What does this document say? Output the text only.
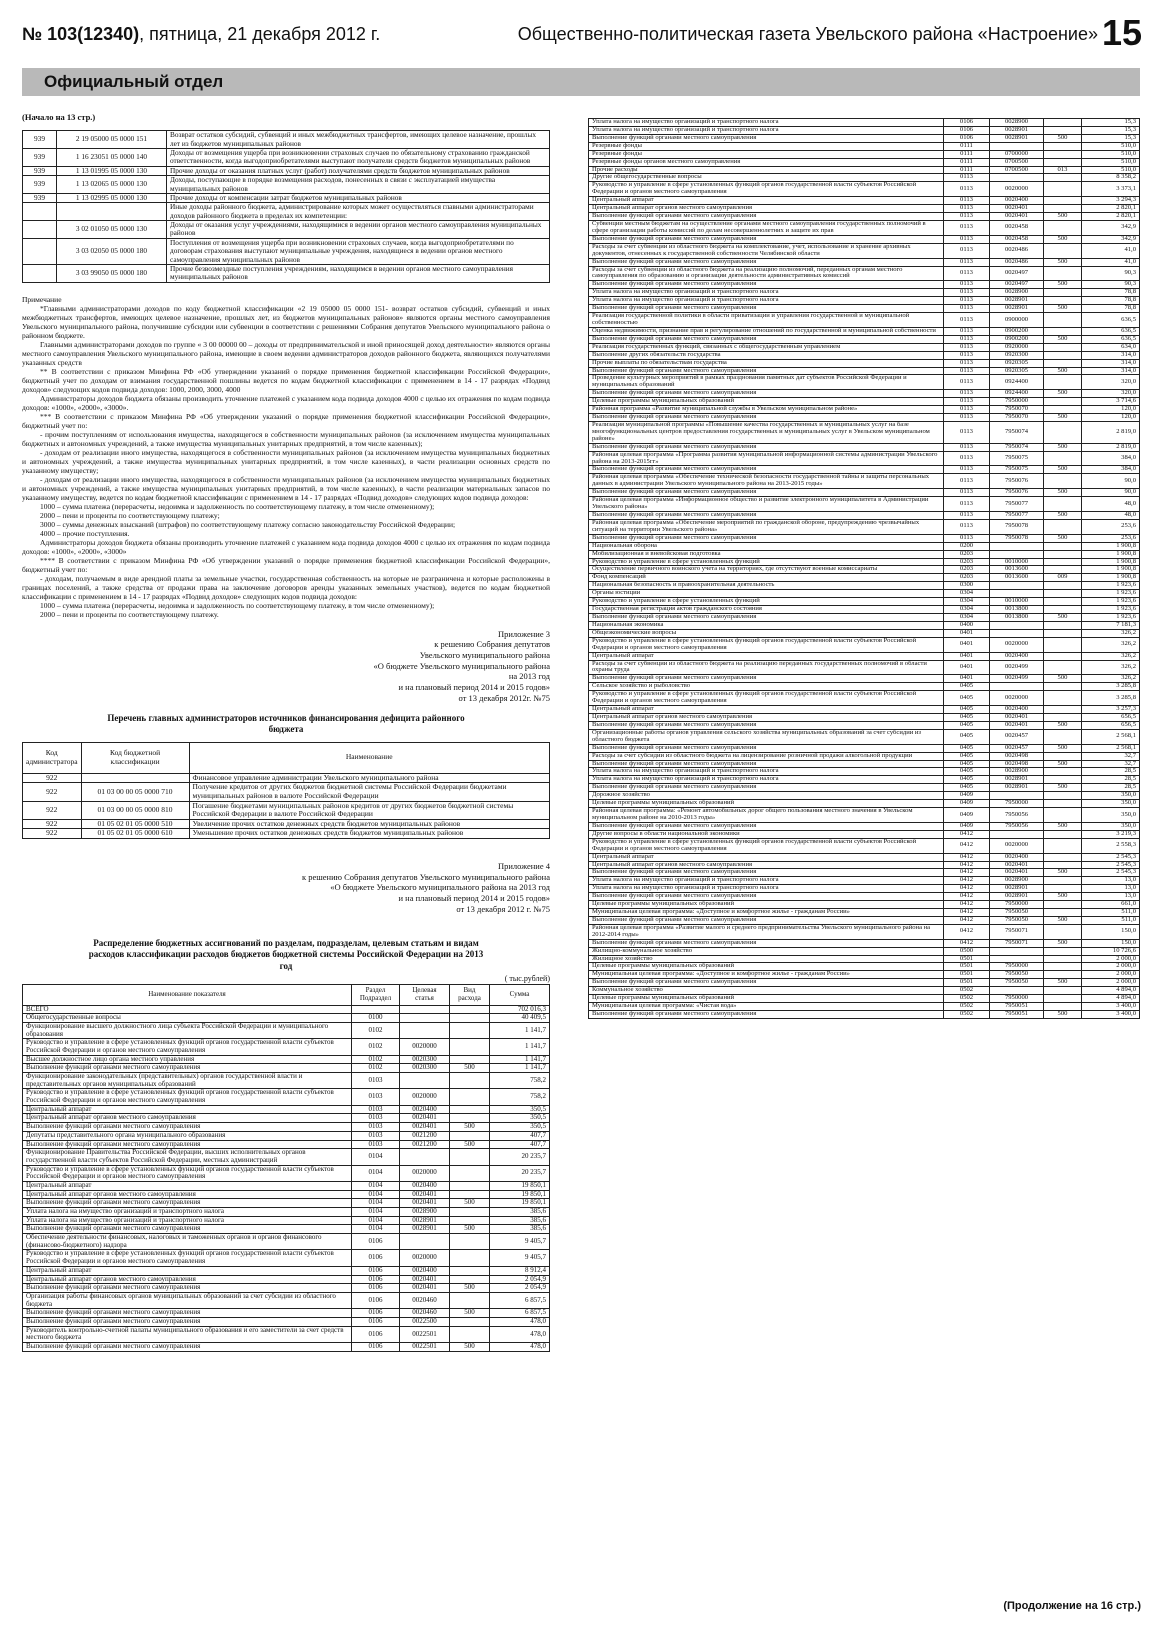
№ 103(12340), пятница, 21 декабря 2012 г.	Общественно-политическая газета Увельского района «Настроение» 15
Официальный отдел
(Начало на 13 стр.)
939	2 19 05000 05 0000 151	Возврат остатков субсидий, субвенций и иных межбюджетных трансфертов, имеющих целевое назначение, прошлых лет из бюджетов муниципальных районов
939	1 16 23051 05 0000 140	Доходы от возмещения ущерба при возникновении страховых случаев по обязательному страхованию гражданской ответственности, когда выгодоприобретателями выступают получатели средств бюджетов муниципальных районов
939	1 13 01995 05 0000 130	Прочие доходы от оказания платных услуг (работ) получателями средств бюджетов муниципальных районов
939	1 13 02065 05 0000 130	Доходы, поступающие в порядке возмещения расходов, понесенных в связи с эксплуатацией имущества муниципальных районов
939	1 13 02995 05 0000 130	Прочие доходы от компенсации затрат бюджетов муниципальных районов
		Иные доходы районного бюджета, администрирование которых может осуществляться главными администраторами доходов районного бюджета в пределах их компетенции:
	3 02 01050 05 0000 130	Доходы от оказания услуг учреждениями, находящимися в ведении органов местного самоуправления муниципальных районов
	3 03 02050 05 0000 180	Поступления от возмещения ущерба при возникновении страховых случаев, когда выгодоприобретателями по договорам страхования выступают муниципальные учреждения, находящиеся в ведении органов местного самоуправления муниципальных районов
	3 03 99050 05 0000 180	Прочие безвозмездные поступления учреждениям, находящимся в ведении органов местного самоуправления муниципальных районов

Примечание

*Главными администраторами доходов по коду бюджетной классификации «2 19 05000 05 0000 151- возврат остатков субсидий, субвенций и иных межбюджетных трансфертов, имеющих целевое назначение, прошлых лет, из бюджетов муниципальных районов» являются органы местного самоуправления Увельского муниципального района, получившие субсидии или субвенции в соответствии с решениями Собрания депутатов Увельского муниципального района о районном бюджете.

Главными администраторами доходов по группе « 3 00 00000 00 – доходы от предпринимательской и иной приносящей доход деятельности» являются органы местного самоуправления Увельского муниципального района, имеющие в своем ведении администраторов доходов районного бюджета, являющихся получателями указанных средств

** В соответствии с приказом Минфина РФ «Об утверждении указаний о порядке применения бюджетной классификации Российской Федерации», бюджетный учет по доходам от взимания государственной пошлины ведется по кодам бюджетной классификации с применением в 14 - 17 разрядах «Подвид доходов» следующих кодов подвида доходов: 1000, 2000, 3000, 4000

Администраторы доходов бюджета обязаны производить уточнение платежей с указанием кода подвида доходов 4000 с целью их отражения по кодам подвида доходов: «1000», «2000», «3000».

*** В соответствии с приказом Минфина РФ «Об утверждении указаний о порядке применения бюджетной классификации Российской Федерации», бюджетный учет по:

- прочим поступлениям от использования имущества, находящегося в собственности муниципальных районов (за исключением имущества муниципальных бюджетных и автономных учреждений, а также имущества муниципальных унитарных предприятий, в том числе казенных);

- доходам от реализации иного имущества, находящегося в собственности муниципальных районов (за исключением имущества муниципальных бюджетных и автономных учреждений, а также имущества муниципальных унитарных предприятий, в том числе казенных), в части реализации основных средств по указанному имуществу;

- доходам от реализации иного имущества, находящегося в собственности муниципальных районов (за исключением имущества муниципальных бюджетных и автономных учреждений, а также имущества муниципальных унитарных предприятий, в том числе казенных), в части реализации материальных запасов по указанному имуществу, ведется по кодам бюджетной классификации с применением в 14 - 17 разрядах «Подвид доходов» следующих кодов подвида доходов:

1000 – сумма платежа (перерасчеты, недоимка и задолженность по соответствующему платежу, в том числе отмененному);

2000 – пени и проценты по соответствующему платежу;

3000 – суммы денежных взысканий (штрафов) по соответствующему платежу согласно законодательству Российской Федерации;

4000 – прочие поступления.

Администраторы доходов бюджета обязаны производить уточнение платежей с указанием кода подвида доходов 4000 с целью их отражения по кодам подвида доходов: «1000», «2000», «3000»

**** В соответствии с приказом Минфина РФ «Об утверждении указаний о порядке применения бюджетной классификации Российской Федерации», бюджетный учет по:

- доходам, получаемым в виде арендной платы за земельные участки, государственная собственность на которые не разграничена и которые расположены в границах поселений, а также средства от продажи права на заключение договоров аренды указанных земельных участков), ведется по кодам бюджетной классификации с применением в 14 - 17 разрядах «Подвид доходов» следующих кодов подвида доходов:

1000 – сумма платежа (перерасчеты, недоимка и задолженность по соответствующему платежу, в том числе отмененному);

2000 – пени и проценты по соответствующему платежу.

Приложение 3
к решению Собрания депутатов
Увельского муниципального района
«О бюджете Увельского муниципального района
на 2013 год
и на плановый период 2014 и 2015 годов»
от 13 декабря 2012г. №75
Перечень главных администраторов источников финансирования дефицита районного бюджета
Код администратора	Код бюджетной классификации	Наименование
922		Финансовое управление администрации Увельского муниципального района
922	01 03 00 00 05 0000 710	Получение кредитов от других бюджетов бюджетной системы Российской Федерации бюджетами муниципальных районов в валюте Российской Федерации
922	01 03 00 00 05 0000 810	Погашение бюджетами муниципальных районов кредитов от других бюджетов бюджетной системы Российской Федерации в валюте Российской Федерации
922	01 05 02 01 05 0000 510	Увеличение прочих остатков денежных средств бюджетов муниципальных районов
922	01 05 02 01 05 0000 610	Уменьшение прочих остатков денежных средств бюджетов муниципальных районов
Приложение 4
к решению Собрания депутатов Увельского муниципального района
«О бюджете Увельского муниципального района на 2013 год
и на плановый период 2014 и 2015 годов»
от 13 декабря 2012 г. №75
Распределение бюджетных ассигнований по разделам, подразделам, целевым статьям и видам расходов классификации расходов бюджетов бюджетной системы Российской Федерации на 2013 год
( тыс.рублей)
Наименование показателя	Раздел Подраздел	Целевая статья	Вид расхода	Сумма
ВСЕГО				702 016,3
Общегосударственные вопросы	0100			40 409,5
Функционирование высшего должностного лица субъекта Российской Федерации и муниципального образования	0102			1 141,7
Руководство и управление в сфере установленных функций органов государственной власти субъектов Российской Федерации и органов местного самоуправления	0102	0020000		1 141,7
Высшее должностное лицо органа местного управления	0102	0020300		1 141,7
Выполнение функций органами местного самоуправления	0102	0020300	500	1 141,7
Функционирование законодательных (представительных) органов государственной власти и представительных органов муниципальных образований	0103			758,2
Руководство и управление в сфере установленных функций органов государственной власти субъектов Российской Федерации и органов местного самоуправления	0103	0020000		758,2
Центральный аппарат	0103	0020400		350,5
Центральный аппарат органов местного самоуправления	0103	0020401		350,5
Выполнение функций органами местного самоуправления	0103	0020401	500	350,5
Депутаты представительного органа муниципального образования	0103	0021200		407,7
Выполнение функций органами местного самоуправления	0103	0021200	500	407,7
Функционирование Правительства Российской Федерации, высших исполнительных органов государственной власти субъектов Российской Федерации, местных администраций	0104			20 235,7
Руководство и управление в сфере установленных функций органов государственной власти субъектов Российской Федерации и органов местного самоуправления	0104	0020000		20 235,7
Центральный аппарат	0104	0020400		19 850,1
Центральный аппарат органов местного самоуправления	0104	0020401		19 850,1
Выполнение функций органами местного самоуправления	0104	0020401	500	19 850,1
Уплата налога на имущество организаций и транспортного налога	0104	0028900		385,6
Уплата налога на имущество организаций и транспортного налога	0104	0028901		385,6
Выполнение функций органами местного самоуправления	0104	0028901	500	385,6
Обеспечение деятельности финансовых, налоговых и таможенных органов и органов финансового (финансово-бюджетного) надзора	0106			9 405,7
Руководство и управление в сфере установленных функций органов государственной власти субъектов Российской Федерации и органов местного самоуправления	0106	0020000		9 405,7
Центральный аппарат	0106	0020400		8 912,4
Центральный аппарат органов местного самоуправления	0106	0020401		2 054,9
Выполнение функций органами местного самоуправления	0106	0020401	500	2 054,9
Организация работы финансовых органов муниципальных образований за счет субсидии из областного бюджета	0106	0020460		6 857,5
Выполнение функций органами местного самоуправления	0106	0020460	500	6 857,5
Выполнение функций органами местного самоуправления	0106	0022500		478,0
Руководитель контрольно-счетной палаты муниципального образования и его заместители за счет средств местного бюджета	0106	0022501		478,0
Выполнение функций органами местного самоуправления	0106	0022501	500	478,0
Уплата налога на имущество организаций и транспортного налога	0106	0028900		15,3
Уплата налога на имущество организаций и транспортного налога	0106	0028901		15,3
Выполнение функций органами местного самоуправления	0106	0028901	500	15,3
Резервные фонды	0111			510,0
Резервные фонды	0111	0700000		510,0
Резервные фонды органов местного самоуправления	0111	0700500		510,0
Прочие расходы	0111	0700500	013	510,0
Другие общегосударственные вопросы	0113			8 358,2
Руководство и управление в сфере установленных функций органов государственной власти субъектов Российской Федерации и органов местного самоуправления	0113	0020000		3 373,1
Центральный аппарат	0113	0020400		3 294,3
Центральный аппарат органов местного самоуправления	0113	0020401		2 820,1
Выполнение функций органами местного самоуправления	0113	0020401	500	2 820,1
Субвенции местным бюджетам на осуществление органами местного самоуправления государственных полномочий в сфере организации работы комиссий по делам несовершеннолетних и защите их прав	0113	0020458		342,9
Выполнение функций органами местного самоуправления	0113	0020458	500	342,9
Расходы за счет субвенции из областного бюджета на комплектование, учет, использование и хранение архивных документов, отнесенных к государственной собственности Челябинской области	0113	0020486		41,0
Выполнение функций органами местного самоуправления	0113	0020486	500	41,0
Расходы за счет субвенции из областного бюджета на реализацию полномочий, переданных органам местного самоуправления по образованию и организации деятельности административных комиссий	0113	0020497		90,3
Выполнение функций органами местного самоуправления	0113	0020497	500	90,3
Уплата налога на имущество организаций и транспортного налога	0113	0028900		78,8
Уплата налога на имущество организаций и транспортного налога	0113	0028901		78,8
Выполнение функций органами местного самоуправления	0113	0028901	500	78,8
Реализация государственной политики в области приватизации и управления государственной и муниципальной собственностью	0113	0900000		636,5
Оценка недвижимости, признание прав и регулирование отношений по государственной и муниципальной собственности	0113	0900200		636,5
Выполнение функций органами местного самоуправления	0113	0900200	500	636,5
Реализация государственных функций, связанных с общегосударственным управлением	0113	0920000		634,0
Выполнение других обязательств государства	0113	0920300		314,0
Прочие выплаты по обязательствам государства	0113	0920305		314,0
Выполнение функций органами местного самоуправления	0113	0920305	500	314,0
Проведение культурных мероприятий в рамках празднования памятных дат субъектов Российской Федерации и муниципальных образований	0113	0924400		320,0
Выполнение функций органами местного самоуправления	0113	0924400	500	320,0
Целевые программы муниципальных образований	0113	7950000		3 714,6
Районная программа «Развитие муниципальной службы в Увельском муниципальном районе»	0113	7950070		120,0
Выполнение функций органами местного самоуправления	0113	7950070	500	120,0
Реализация муниципальной программы «Повышение качества государственных и муниципальных услуг на базе многофункциональных центров предоставления государственных и муниципальных услуг в Увельском муниципальном районе»	0113	7950074		2 819,0
Выполнение функций органами местного самоуправления	0113	7950074	500	2 819,0
Районная целевая программа «Программа развития муниципальной информационной системы администрации Увельского района на 2013-2015гг»	0113	7950075		384,0
Выполнение функций органами местного самоуправления	0113	7950075	500	384,0
Районная целевая программа «Обеспечение технической безопасности государственной тайны и защиты персональных данных в администрации Увельского муниципального района на 2013-2015 годы»	0113	7950076		90,0
Выполнение функций органами местного самоуправления	0113	7950076	500	90,0
Районная целевая программа «Информационное общество и развитие электронного муниципалитета в Администрации Увельского района»	0113	7950077		48,0
Выполнение функций органами местного самоуправления	0113	7950077	500	48,0
Районная целевая программа «Обеспечение мероприятий по гражданской обороне, предупреждению чрезвычайных ситуаций на территории Увельского района»	0113	7950078		253,6
Выполнение функций органами местного самоуправления	0113	7950078	500	253,6
Национальная оборона	0200			1 900,8
Мобилизационная и вневойсковая подготовка	0203			1 900,8
Руководство и управление в сфере установленных функций	0203	0010000		1 900,8
Осуществление первичного воинского учета на территориях, где отсутствуют военные комиссариаты	0203	0013600		1 900,8
Фонд компенсаций	0203	0013600	009	1 900,8
Национальная безопасность и правоохранительная деятельность	0300			1 923,6
Органы юстиции	0304			1 923,6
Руководство и управление в сфере установленных функций	0304	0010000		1 923,6
Государственная регистрация актов гражданского состояния	0304	0013800		1 923,6
Выполнение функций органами местного самоуправления	0304	0013800	500	1 923,6
Национальная экономика	0400			7 181,3
Общеэкономические вопросы	0401			326,2
Руководство и управление в сфере установленных функций органов государственной власти субъектов Российской Федерации и органов местного самоуправления	0401	0020000		326,2
Центральный аппарат	0401	0020400		326,2
Расходы за счет субвенции из областного бюджета на реализацию переданных государственных полномочий в области охраны труда	0401	0020499		326,2
Выполнение функций органами местного самоуправления	0401	0020499	500	326,2
Сельское хозяйство и рыболовство	0405			3 285,8
Руководство и управление в сфере установленных функций органов государственной власти субъектов Российской Федерации и органов местного самоуправления	0405	0020000		3 285,8
Центральный аппарат	0405	0020400		3 257,3
Центральный аппарат органов местного самоуправления	0405	0020401		656,5
Выполнение функций органами местного самоуправления	0405	0020401	500	656,5
Организационные работы органов управления сельского хозяйства муниципальных образований за счет субсидии из областного бюджета	0405	0020457		2 568,1
Выполнение функций органами местного самоуправления	0405	0020457	500	2 568,1
Расходы за счет субсидии из областного бюджета на лицензирование розничной продажи алкогольной продукции	0405	0020498		32,7
Выполнение функций органами местного самоуправления	0405	0020498	500	32,7
Уплата налога на имущество организаций и транспортного налога	0405	0028900		28,5
Уплата налога на имущество организаций и транспортного налога	0405	0028901		28,5
Выполнение функций органами местного самоуправления	0405	0028901	500	28,5
Дорожное хозяйство	0409			350,0
Целевые программы муниципальных образований	0409	7950000		350,0
Районная целевая программа: «Ремонт автомобильных дорог общего пользования местного значения в Увельском муниципальном районе на 2010-2013 годы»	0409	7950056		350,0
Выполнение функций органами местного самоуправления	0409	7950056	500	350,0
Другие вопросы в области национальной экономики	0412			3 219,3
Руководство и управление в сфере установленных функций органов государственной власти субъектов Российской Федерации и органов местного самоуправления	0412	0020000		2 558,3
Центральный аппарат	0412	0020400		2 545,3
Центральный аппарат органов местного самоуправления	0412	0020401		2 545,3
Выполнение функций органами местного самоуправления	0412	0020401	500	2 545,3
Уплата налога на имущество организаций и транспортного налога	0412	0028900		13,0
Уплата налога на имущество организаций и транспортного налога	0412	0028901		13,0
Выполнение функций органами местного самоуправления	0412	0028901	500	13,0
Целевые программы муниципальных образований	0412	7950000		661,0
Муниципальная целевая программа: «Доступное и комфортное жилье - гражданам России»	0412	7950050		511,0
Выполнение функций органами местного самоуправления	0412	7950050	500	511,0
Районная целевая программа «Развитие малого и среднего предпринимательства Увельского муниципального района на 2012-2014 годы»	0412	7950071		150,0
Выполнение функций органами местного самоуправления	0412	7950071	500	150,0
Жилищно-коммунальное хозяйство	0500			10 726,6
Жилищное хозяйство	0501			2 000,0
Целевые программы муниципальных образований	0501	7950000		2 000,0
Муниципальная целевая программа: «Доступное и комфортное жилье - гражданам России»	0501	7950050		2 000,0
Выполнение функций органами местного самоуправления	0501	7950050	500	2 000,0
Коммунальное хозяйство	0502			4 894,0
Целевые программы муниципальных образований	0502	7950000		4 894,0
Муниципальная целевая программа: «Чистая вода»	0502	7950051		3 400,0
Выполнение функций органами местного самоуправления	0502	7950051	500	3 400,0
(Продолжение на 16 стр.)
